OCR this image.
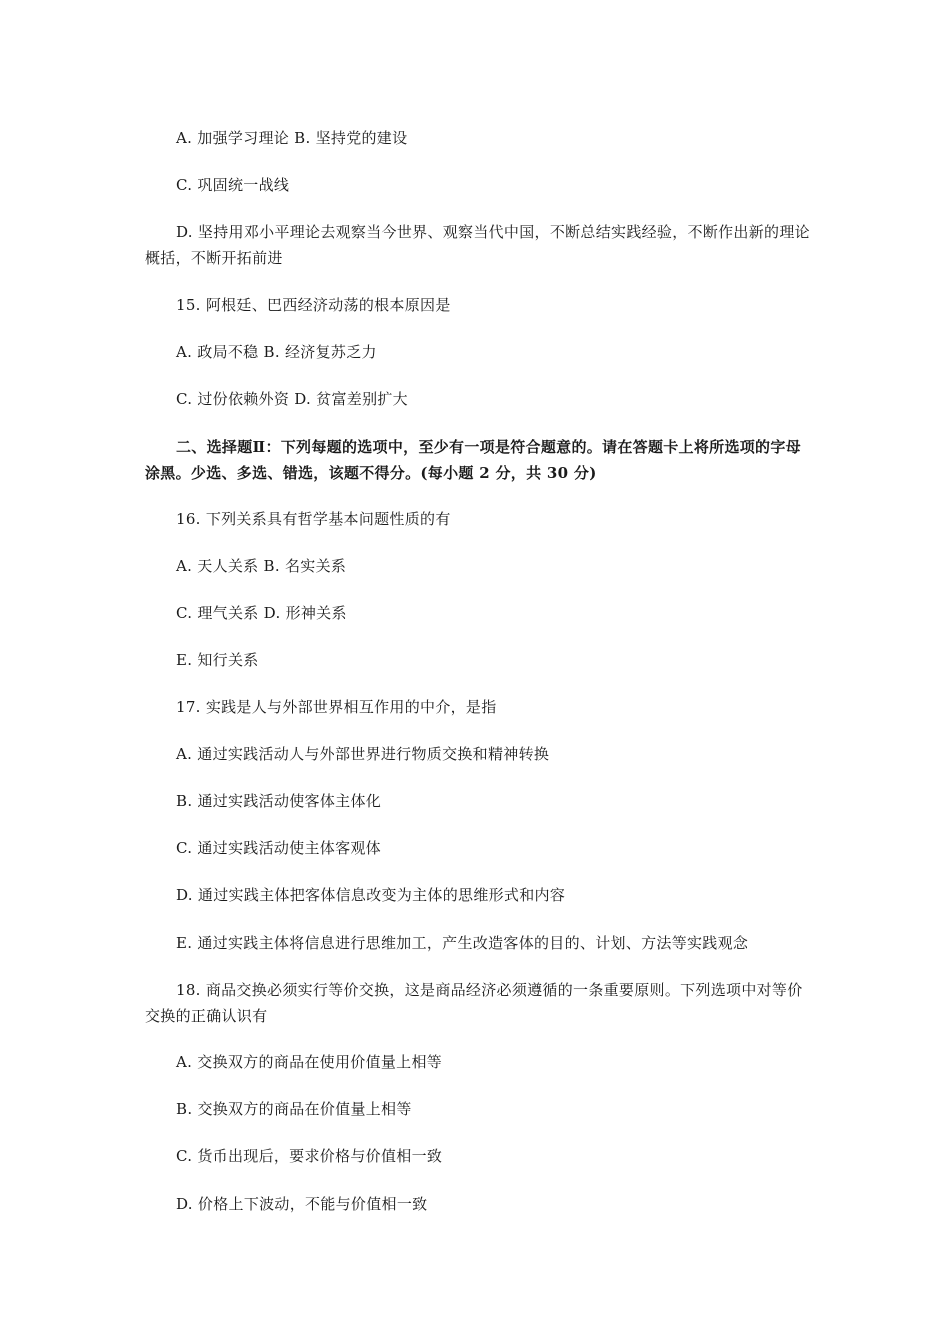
A. 加强学习理论 B. 坚持党的建设

C. 巩固统一战线

D. 坚持用邓小平理论去观察当今世界、观察当代中国，不断总结实践经验，不断作出新的理论概括，不断开拓前进

15. 阿根廷、巴西经济动荡的根本原因是

A. 政局不稳 B. 经济复苏乏力

C. 过份依赖外资 D. 贫富差别扩大

二、选择题Ⅱ：下列每题的选项中，至少有一项是符合题意的。请在答题卡上将所选项的字母涂黑。少选、多选、错选，该题不得分。(每小题 2 分，共 30 分)

16. 下列关系具有哲学基本问题性质的有

A. 天人关系 B. 名实关系

C. 理气关系 D. 形神关系

E. 知行关系

17. 实践是人与外部世界相互作用的中介，是指

A. 通过实践活动人与外部世界进行物质交换和精神转换

B. 通过实践活动使客体主体化

C. 通过实践活动使主体客观体

D. 通过实践主体把客体信息改变为主体的思维形式和内容

E. 通过实践主体将信息进行思维加工，产生改造客体的目的、计划、方法等实践观念

18. 商品交换必须实行等价交换，这是商品经济必须遵循的一条重要原则。下列选项中对等价交换的正确认识有

A. 交换双方的商品在使用价值量上相等

B. 交换双方的商品在价值量上相等

C. 货币出现后，要求价格与价值相一致

D. 价格上下波动，不能与价值相一致
